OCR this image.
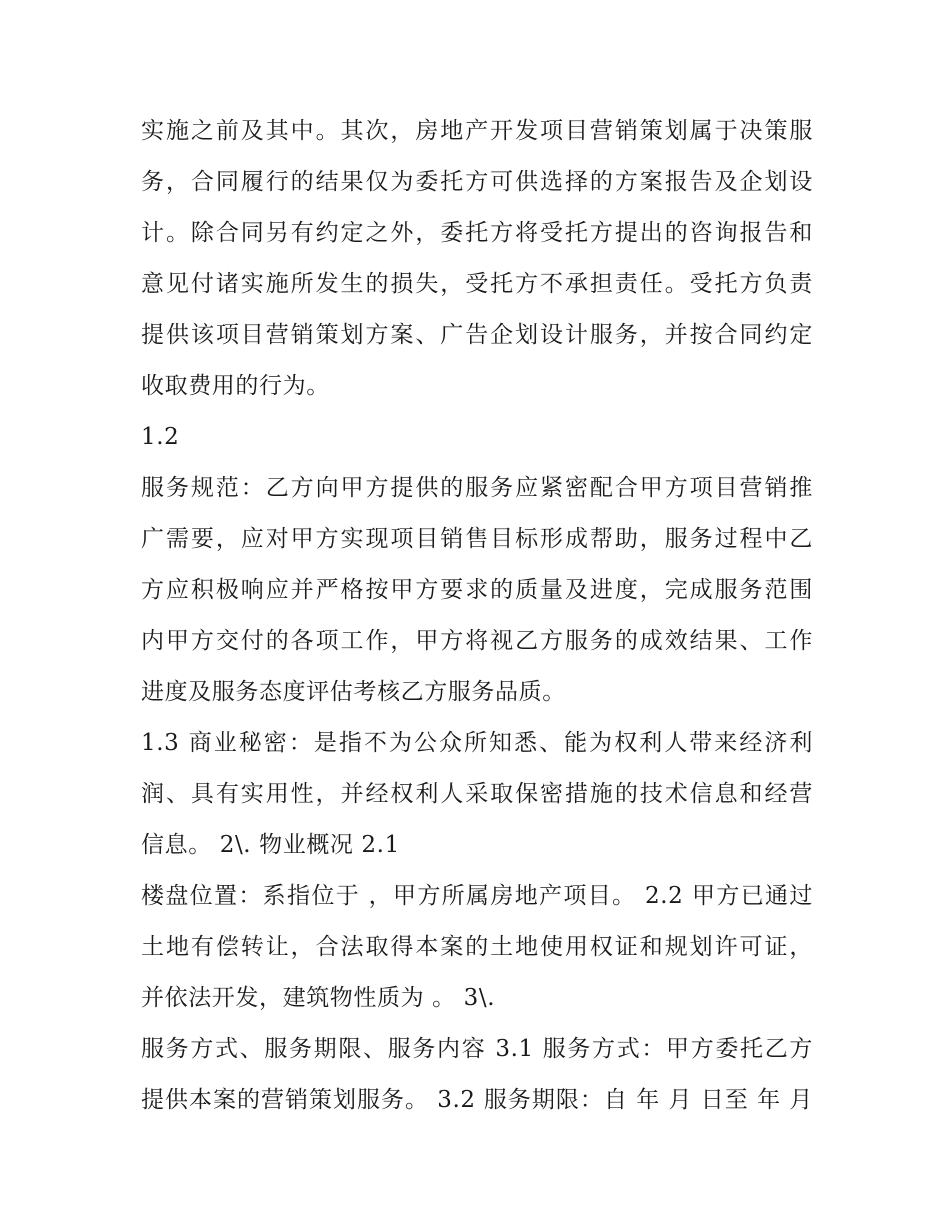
实施之前及其中。其次，房地产开发项目营销策划属于决策服
务，合同履行的结果仅为委托方可供选择的方案报告及企划设
计。除合同另有约定之外，委托方将受托方提出的咨询报告和
意见付诸实施所发生的损失，受托方不承担责任。受托方负责
提供该项目营销策划方案、广告企划设计服务，并按合同约定
收取费用的行为。
1.2
服务规范：乙方向甲方提供的服务应紧密配合甲方项目营销推
广需要，应对甲方实现项目销售目标形成帮助，服务过程中乙
方应积极响应并严格按甲方要求的质量及进度，完成服务范围
内甲方交付的各项工作，甲方将视乙方服务的成效结果、工作
进度及服务态度评估考核乙方服务品质。
1.3 商业秘密：是指不为公众所知悉、能为权利人带来经济利
润、具有实用性，并经权利人采取保密措施的技术信息和经营
信息。 2\. 物业概况 2.1
楼盘位置：系指位于 ，甲方所属房地产项目。 2.2 甲方已通过
土地有偿转让，合法取得本案的土地使用权证和规划许可证，
并依法开发，建筑物性质为 。 3\.
服务方式、服务期限、服务内容 3.1 服务方式：甲方委托乙方
提供本案的营销策划服务。 3.2 服务期限：自 年 月 日至 年 月
